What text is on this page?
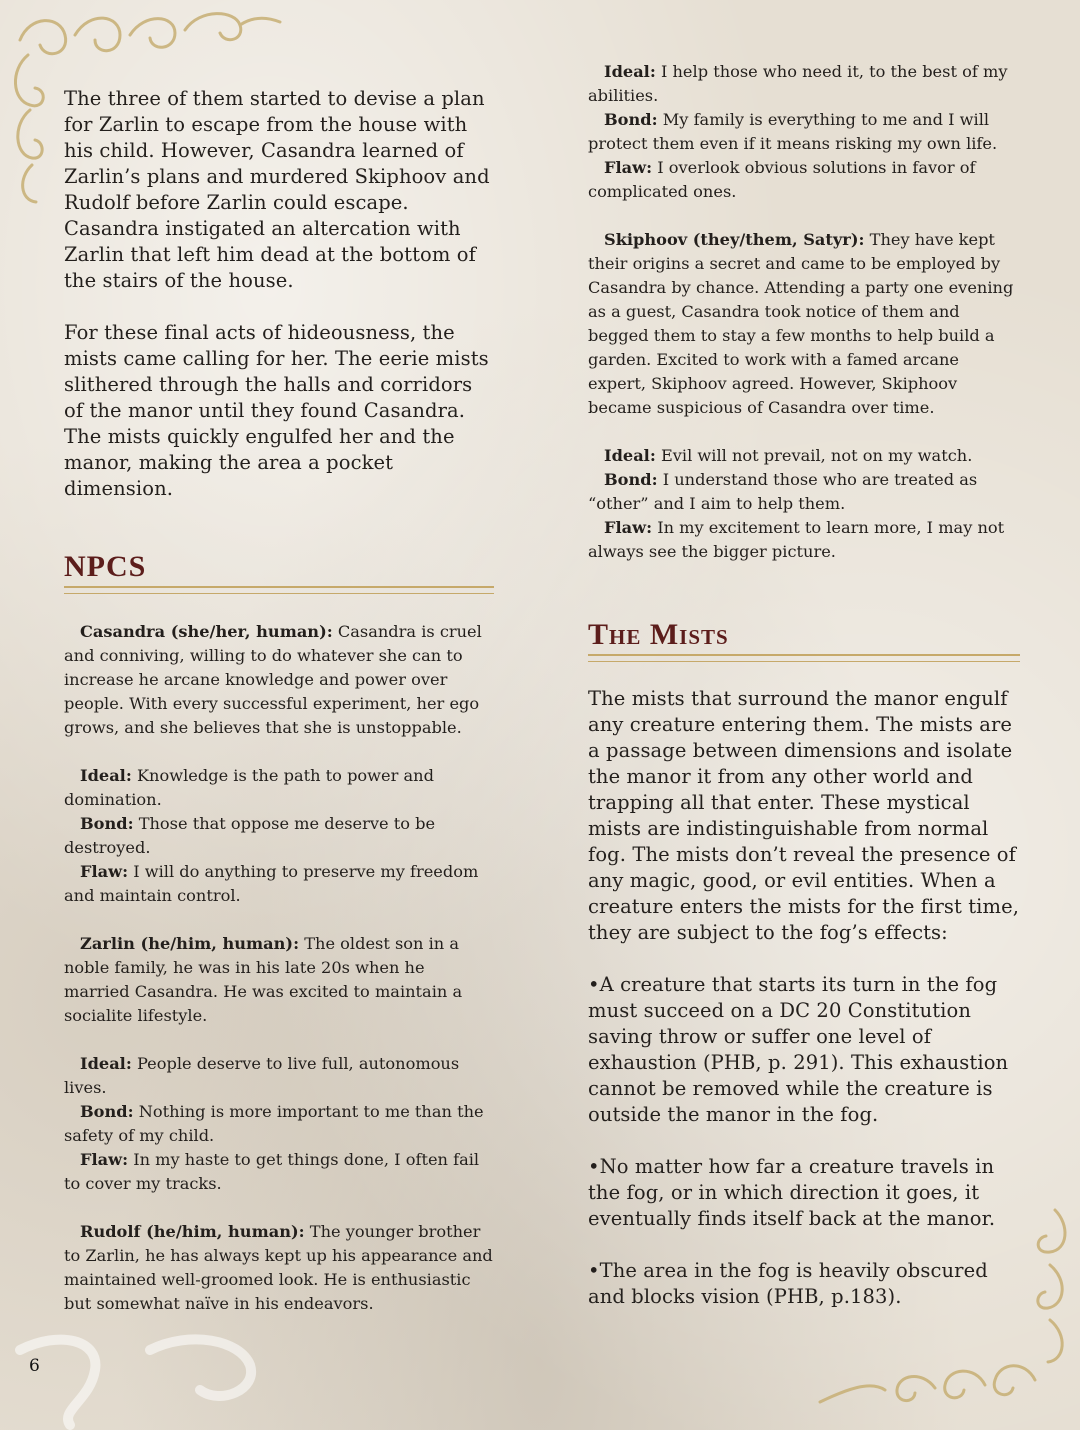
The three of them started to devise a plan for Zarlin to escape from the house with his child. However, Casandra learned of Zarlin’s plans and murdered Skiphoov and Rudolf before Zarlin could escape. Casandra instigated an altercation with Zarlin that left him dead at the bottom of the stairs of the house.

For these final acts of hideousness, the mists came calling for her. The eerie mists slithered through the halls and corridors of the manor until they found Casandra. The mists quickly engulfed her and the manor, making the area a pocket dimension.

NPCS

Casandra (she/her, human): Casandra is cruel and conniving, willing to do whatever she can to increase he arcane knowledge and power over people. With every successful experiment, her ego grows, and she believes that she is unstoppable.

Ideal: Knowledge is the path to power and domination.

Bond: Those that oppose me deserve to be destroyed.

Flaw: I will do anything to preserve my freedom and maintain control.

Zarlin (he/him, human): The oldest son in a noble family, he was in his late 20s when he married Casandra. He was excited to maintain a socialite lifestyle.

Ideal: People deserve to live full, autonomous lives.

Bond: Nothing is more important to me than the safety of my child.

Flaw: In my haste to get things done, I often fail to cover my tracks.

Rudolf (he/him, human): The younger brother to Zarlin, he has always kept up his appearance and maintained well-groomed look. He is enthusiastic but somewhat naïve in his endeavors.

Ideal: I help those who need it, to the best of my abilities.

Bond: My family is everything to me and I will protect them even if it means risking my own life.

Flaw: I overlook obvious solutions in favor of complicated ones.

Skiphoov (they/them, Satyr): They have kept their origins a secret and came to be employed by Casandra by chance. Attending a party one evening as a guest, Casandra took notice of them and begged them to stay a few months to help build a garden. Excited to work with a famed arcane expert, Skiphoov agreed. However, Skiphoov became suspicious of Casandra over time.

Ideal: Evil will not prevail, not on my watch.

Bond: I understand those who are treated as “other” and I aim to help them.

Flaw: In my excitement to learn more, I may not always see the bigger picture.

The Mists

The mists that surround the manor engulf any creature entering them. The mists are a passage between dimensions and isolate the manor it from any other world and trapping all that enter. These mystical mists are indistinguishable from normal fog. The mists don’t reveal the presence of any magic, good, or evil entities. When a creature enters the mists for the first time, they are subject to the fog’s effects:

•A creature that starts its turn in the fog must succeed on a DC 20 Constitution saving throw or suffer one level of exhaustion (PHB, p. 291). This exhaustion cannot be removed while the creature is outside the manor in the fog.

•No matter how far a creature travels in the fog, or in which direction it goes, it eventually finds itself back at the manor.

•The area in the fog is heavily obscured and blocks vision (PHB, p.183).

6
